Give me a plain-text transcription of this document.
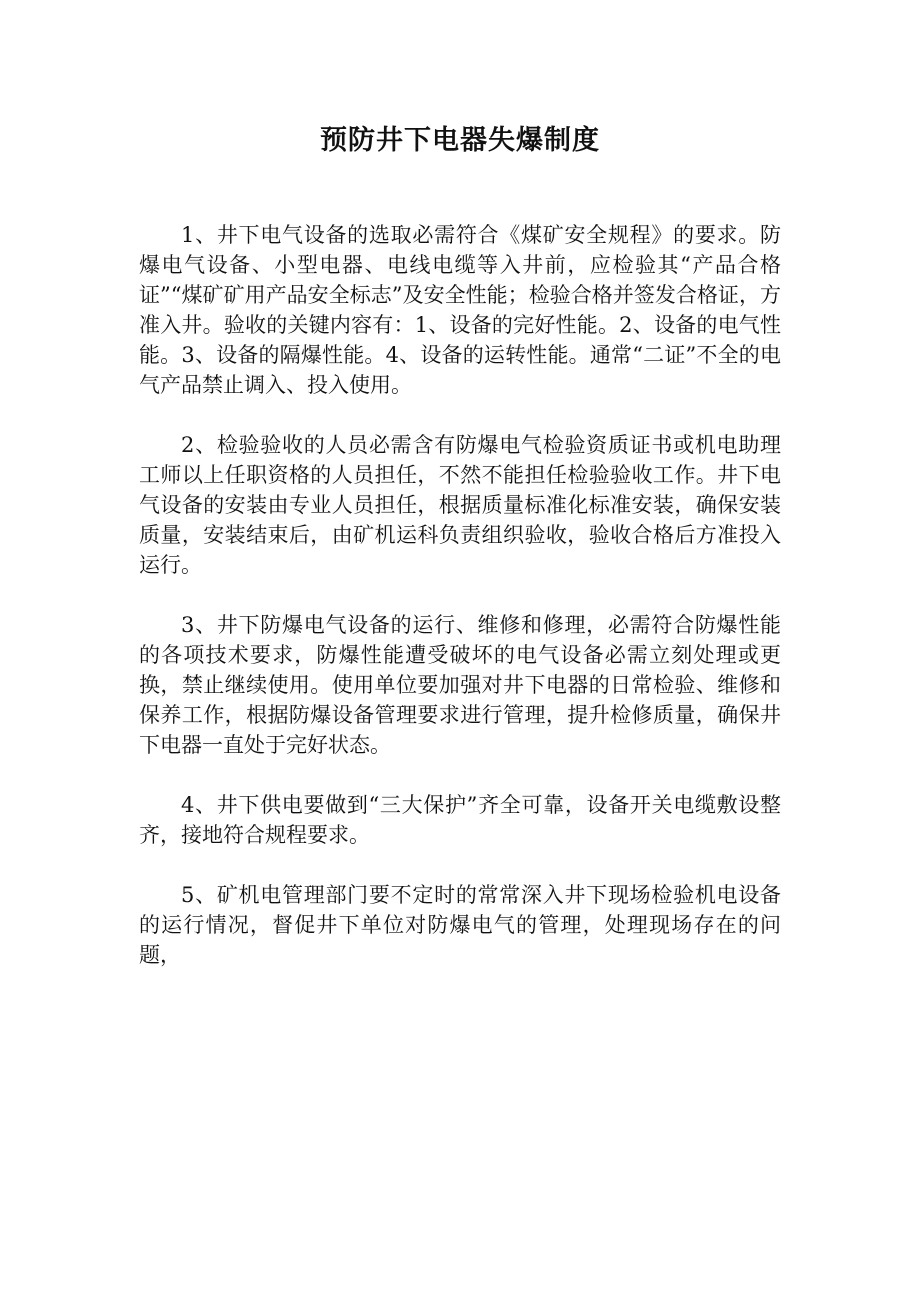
预防井下电器失爆制度

1、井下电气设备的选取必需符合《煤矿安全规程》的要求。防爆电气设备、小型电器、电线电缆等入井前，应检验其“产品合格证”“煤矿矿用产品安全标志”及安全性能；检验合格并签发合格证，方准入井。验收的关键内容有：1、设备的完好性能。2、设备的电气性能。3、设备的隔爆性能。4、设备的运转性能。通常“二证”不全的电气产品禁止调入、投入使用。

2、检验验收的人员必需含有防爆电气检验资质证书或机电助理工师以上任职资格的人员担任，不然不能担任检验验收工作。井下电气设备的安装由专业人员担任，根据质量标准化标准安装，确保安装质量，安装结束后，由矿机运科负责组织验收，验收合格后方准投入运行。

3、井下防爆电气设备的运行、维修和修理，必需符合防爆性能的各项技术要求，防爆性能遭受破坏的电气设备必需立刻处理或更换，禁止继续使用。使用单位要加强对井下电器的日常检验、维修和保养工作，根据防爆设备管理要求进行管理，提升检修质量，确保井下电器一直处于完好状态。

4、井下供电要做到“三大保护”齐全可靠，设备开关电缆敷设整齐，接地符合规程要求。

5、矿机电管理部门要不定时的常常深入井下现场检验机电设备的运行情况，督促井下单位对防爆电气的管理，处理现场存在的问题，
